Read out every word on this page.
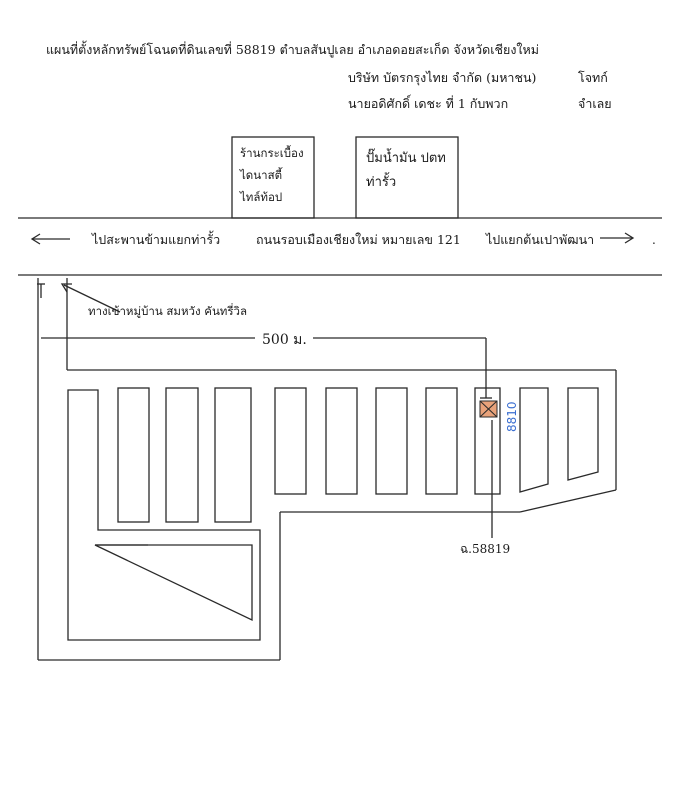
แผนที่ตั้งหลักทรัพย์โฉนดที่ดินเลขที่ 58819 ตำบลสันปูเลย อำเภอดอยสะเก็ด จังหวัดเชียงใหม่
บริษัท บัตรกรุงไทย จำกัด (มหาชน)	โจทก์
นายอดิศักดิ์ เดชะ ที่ 1 กับพวก	จำเลย
ไปสะพานข้ามแยกท่ารั้ว	ถนนรอบเมืองเชียงใหม่ หมายเลข 121 ไปแยกต้นเปาพัฒนา	.
ร้านกระเบื้อง
ไดนาสตี้
ไทล์ท้อป
ปั๊มน้ำมัน ปตท
ท่ารั้ว
ทางเข้าหมู่บ้าน สมหวัง คันทรี่วิล
500 ม.
ฉ.58819
8810
